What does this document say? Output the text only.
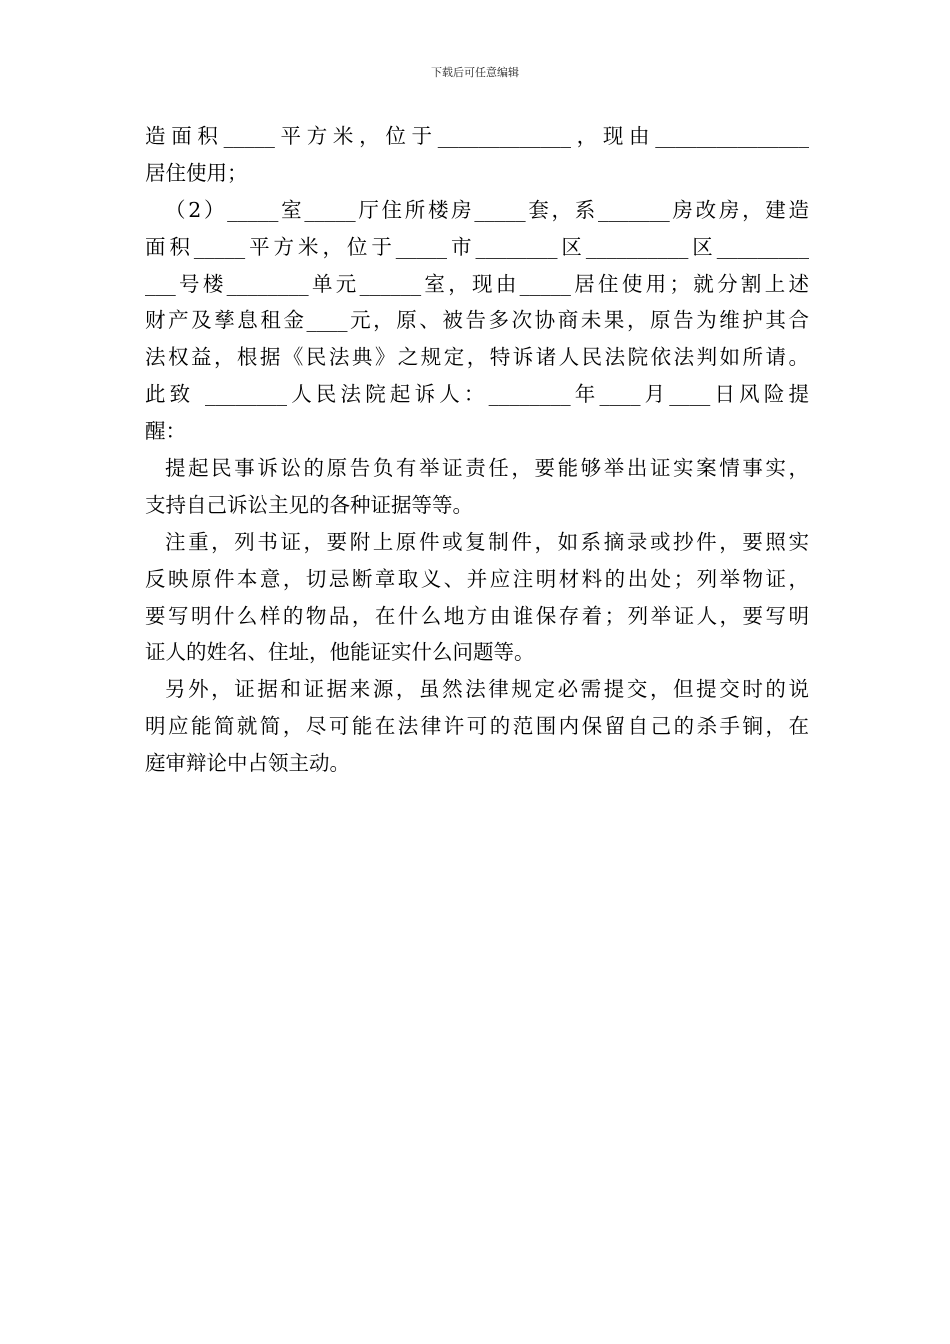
下载后可任意编辑
造面积_____平方米，位于_____________，现由_______________
居住使用；
（2）_____室_____厅住所楼房_____套，系_______房改房，建造
面积_____平方米，位于_____市________区__________区_________
___号楼________单元______室，现由_____居住使用；就分割上述
财产及孳息租金____元，原、被告多次协商未果，原告为维护其合
法权益，根据《民法典》之规定，特诉诸人民法院依法判如所请。
此致 ________人民法院起诉人：________年____月____日风险提
醒：
提起民事诉讼的原告负有举证责任，要能够举出证实案情事实，
支持自己诉讼主见的各种证据等等。
注重，列书证，要附上原件或复制件，如系摘录或抄件，要照实
反映原件本意，切忌断章取义、并应注明材料的出处；列举物证，
要写明什么样的物品，在什么地方由谁保存着；列举证人，要写明
证人的姓名、住址，他能证实什么问题等。
另外，证据和证据来源，虽然法律规定必需提交，但提交时的说
明应能简就简，尽可能在法律许可的范围内保留自己的杀手锏，在
庭审辩论中占领主动。
